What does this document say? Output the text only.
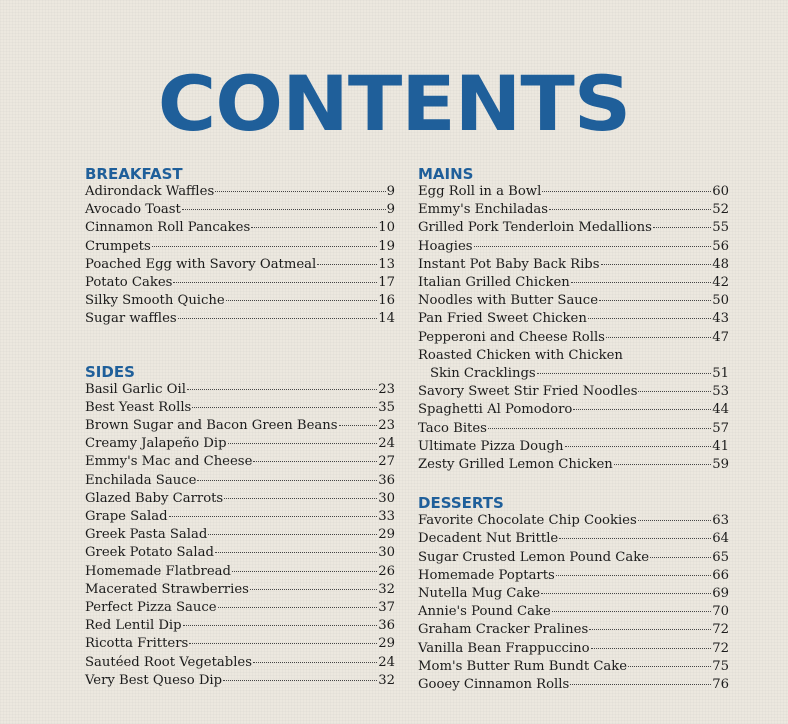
CONTENTS
BREAKFAST
Adirondack Waffles	9
Avocado Toast	9
Cinnamon Roll Pancakes	10
Crumpets	19
Poached Egg with Savory Oatmeal	13
Potato Cakes	17
Silky Smooth Quiche	16
Sugar waffles	14
SIDES
Basil Garlic Oil	23
Best Yeast Rolls	35
Brown Sugar and Bacon Green Beans	23
Creamy Jalapeño Dip	24
Emmy's Mac and Cheese	27
Enchilada Sauce	36
Glazed Baby Carrots	30
Grape Salad	33
Greek Pasta Salad	29
Greek Potato Salad	30
Homemade Flatbread	26
Macerated Strawberries	32
Perfect Pizza Sauce	37
Red Lentil Dip	36
Ricotta Fritters	29
Sautéed Root Vegetables	24
Very Best Queso Dip	32
MAINS
Egg Roll in a Bowl	60
Emmy's Enchiladas	52
Grilled Pork Tenderloin Medallions	55
Hoagies	56
Instant Pot Baby Back Ribs	48
Italian Grilled Chicken	42
Noodles with Butter Sauce	50
Pan Fried Sweet Chicken	43
Pepperoni and Cheese Rolls	47
Roasted Chicken with Chicken
Skin Cracklings	51
Savory Sweet Stir Fried Noodles	53
Spaghetti Al Pomodoro	44
Taco Bites	57
Ultimate Pizza Dough	41
Zesty Grilled Lemon Chicken	59
DESSERTS
Favorite Chocolate Chip Cookies	63
Decadent Nut Brittle	64
Sugar Crusted Lemon Pound Cake	65
Homemade Poptarts	66
Nutella Mug Cake	69
Annie's Pound Cake	70
Graham Cracker Pralines	72
Vanilla Bean Frappuccino	72
Mom's Butter Rum Bundt Cake	75
Gooey Cinnamon Rolls	76
